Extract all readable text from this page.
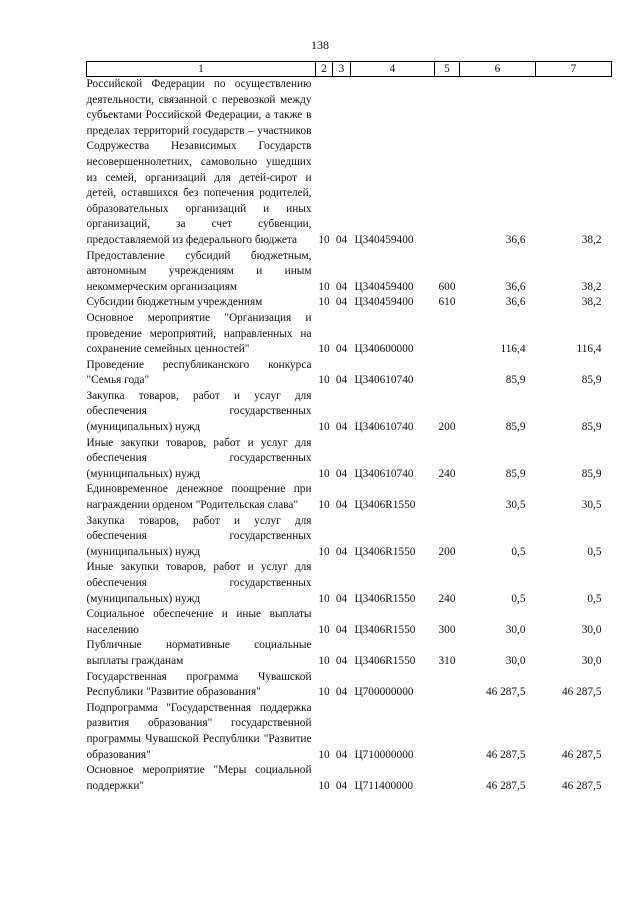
138
1	2	3	4	5	6	7

Российской Федерации по осуществлению деятельности, связанной с перевозкой между субъектами Российской Федерации, а также в пределах территорий государств – участников Содружества Независимых Государств несовершеннолетних, самовольно ушедших из семей, организаций для детей-сирот и детей, оставшихся без попечения родителей, образовательных организаций и иных организаций, за счет субвенции, предоставляемой из федерального бюджета	10	04	Ц340459400		36,6	38,2

Предоставление субсидий бюджетным, автономным учреждениям и иным некоммерческим организациям	10	04	Ц340459400	600	36,6	38,2

Субсидии бюджетным учреждениям	10	04	Ц340459400	610	36,6	38,2

Основное мероприятие "Организация и проведение мероприятий, направленных на сохранение семейных ценностей"	10	04	Ц340600000		116,4	116,4

Проведение республиканского конкурса "Семья года"	10	04	Ц340610740		85,9	85,9

Закупка товаров, работ и услуг для обеспечения государственных (муниципальных) нужд	10	04	Ц340610740	200	85,9	85,9

Иные закупки товаров, работ и услуг для обеспечения государственных (муниципальных) нужд	10	04	Ц340610740	240	85,9	85,9

Единовременное денежное поощрение при награждении орденом "Родительская слава"	10	04	Ц3406R1550		30,5	30,5

Закупка товаров, работ и услуг для обеспечения государственных (муниципальных) нужд	10	04	Ц3406R1550	200	0,5	0,5

Иные закупки товаров, работ и услуг для обеспечения государственных (муниципальных) нужд	10	04	Ц3406R1550	240	0,5	0,5

Социальное обеспечение и иные выплаты населению	10	04	Ц3406R1550	300	30,0	30,0

Публичные нормативные социальные выплаты гражданам	10	04	Ц3406R1550	310	30,0	30,0

Государственная программа Чувашской Республики "Развитие образования"	10	04	Ц700000000		46 287,5	46 287,5

Подпрограмма "Государственная поддержка развития образования" государственной программы Чувашской Республики "Развитие образования"	10	04	Ц710000000		46 287,5	46 287,5

Основное мероприятие "Меры социальной поддержки"	10	04	Ц711400000		46 287,5	46 287,5
